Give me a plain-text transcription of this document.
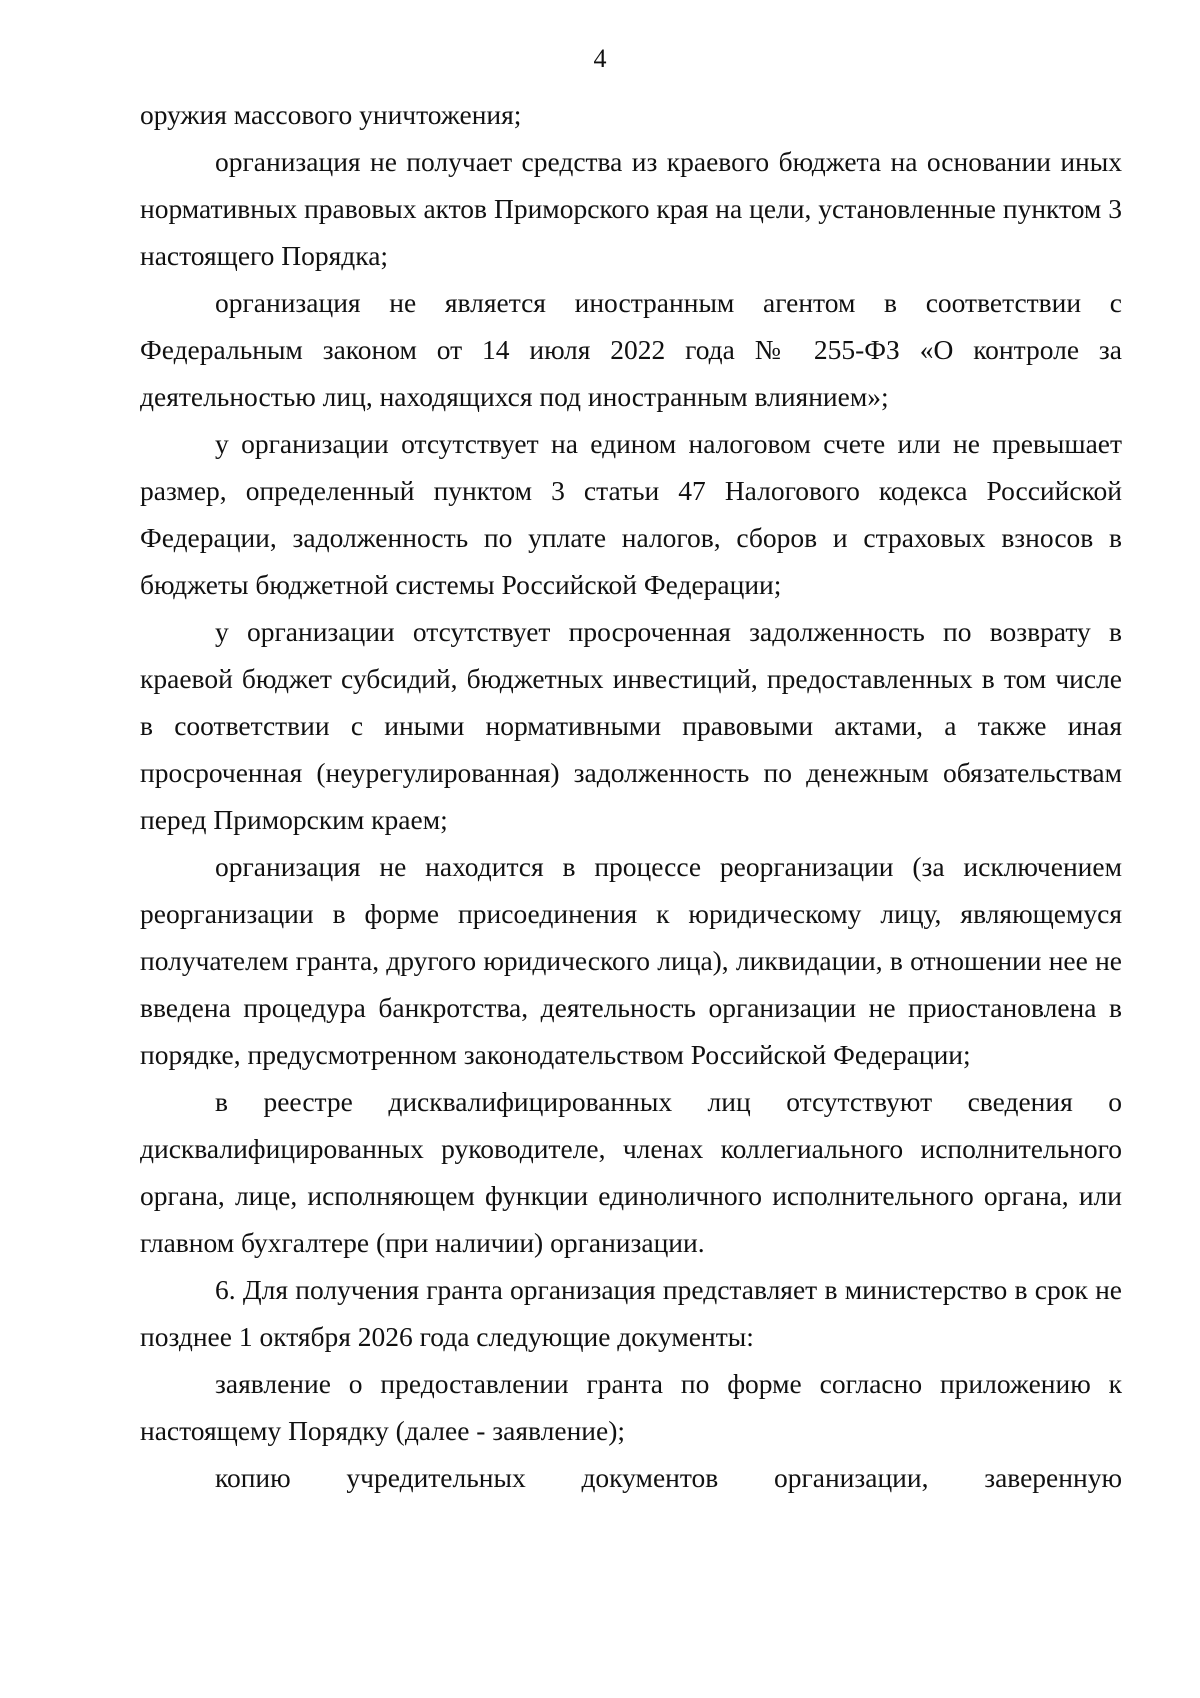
4

оружия массового уничтожения;

организация не получает средства из краевого бюджета на основании иных нормативных правовых актов Приморского края на цели, установленные пунктом 3 настоящего Порядка;

организация не является иностранным агентом в соответствии с Федеральным законом от 14 июля 2022 года № 255-ФЗ «О контроле за деятельностью лиц, находящихся под иностранным влиянием»;

у организации отсутствует на едином налоговом счете или не превышает размер, определенный пунктом 3 статьи 47 Налогового кодекса Российской Федерации, задолженность по уплате налогов, сборов и страховых взносов в бюджеты бюджетной системы Российской Федерации;

у организации отсутствует просроченная задолженность по возврату в краевой бюджет субсидий, бюджетных инвестиций, предоставленных в том числе в соответствии с иными нормативными правовыми актами, а также иная просроченная (неурегулированная) задолженность по денежным обязательствам перед Приморским краем;

организация не находится в процессе реорганизации (за исключением реорганизации в форме присоединения к юридическому лицу, являющемуся получателем гранта, другого юридического лица), ликвидации, в отношении нее не введена процедура банкротства, деятельность организации не приостановлена в порядке, предусмотренном законодательством Российской Федерации;

в реестре дисквалифицированных лиц отсутствуют сведения о дисквалифицированных руководителе, членах коллегиального исполнительного органа, лице, исполняющем функции единоличного исполнительного органа, или главном бухгалтере (при наличии) организации.

6. Для получения гранта организация представляет в министерство в срок не позднее 1 октября 2026 года следующие документы:

заявление о предоставлении гранта по форме согласно приложению к настоящему Порядку (далее - заявление);

копию учредительных документов организации, заверенную
